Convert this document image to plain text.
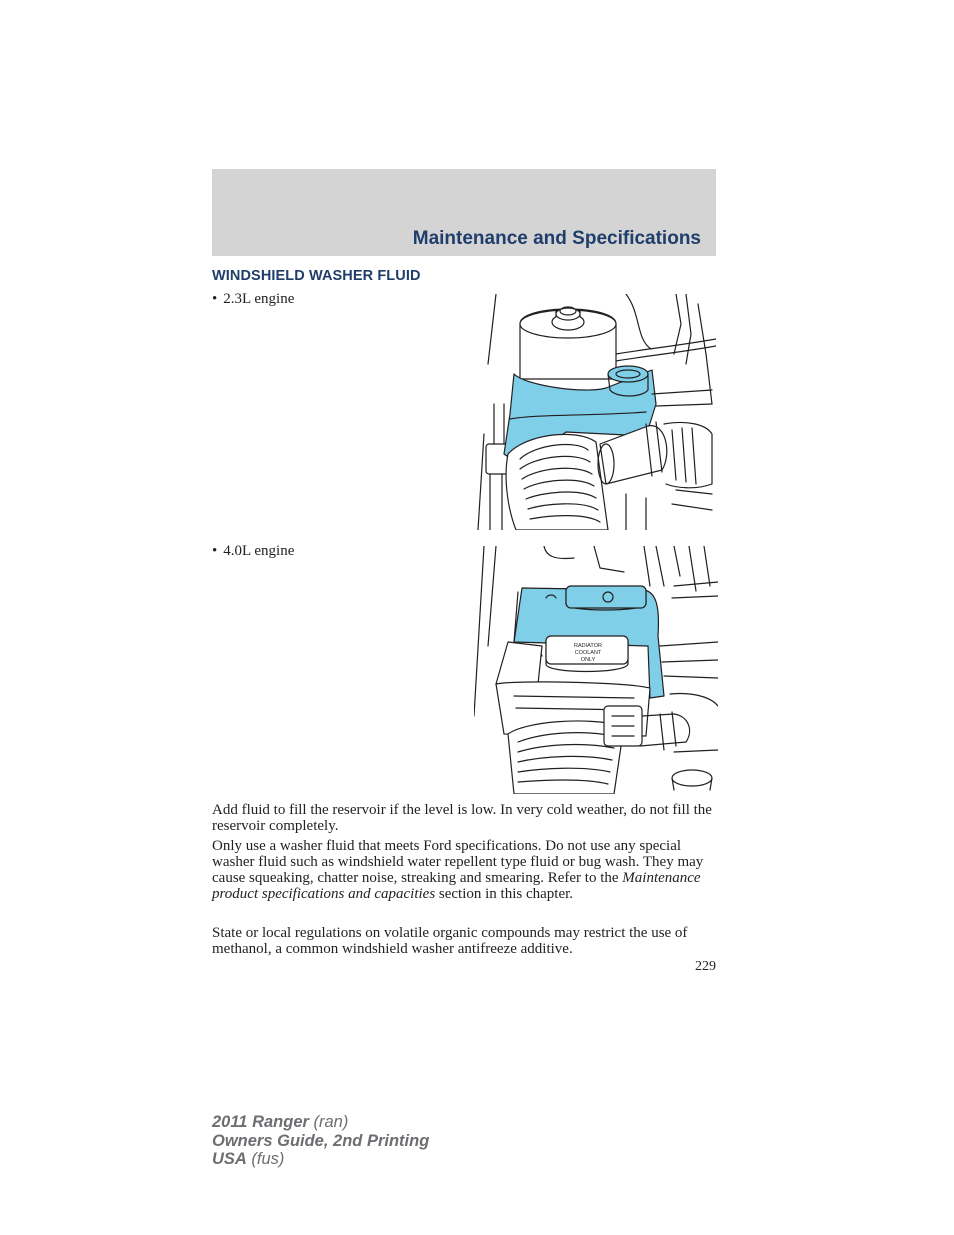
Maintenance and Specifications
WINDSHIELD WASHER FLUID
• 2.3L engine
• 4.0L engine
RADIATOR
COOLANT
ONLY

Add fluid to fill the reservoir if the level is low. In very cold weather, do not fill the reservoir completely.

Only use a washer fluid that meets Ford specifications. Do not use any special washer fluid such as windshield water repellent type fluid or bug wash. They may cause squeaking, chatter noise, streaking and smearing. Refer to the Maintenance product specifications and capacities section in this chapter.

State or local regulations on volatile organic compounds may restrict the use of methanol, a common windshield washer antifreeze additive.

229
2011 Ranger (ran)
Owners Guide, 2nd Printing
USA (fus)
